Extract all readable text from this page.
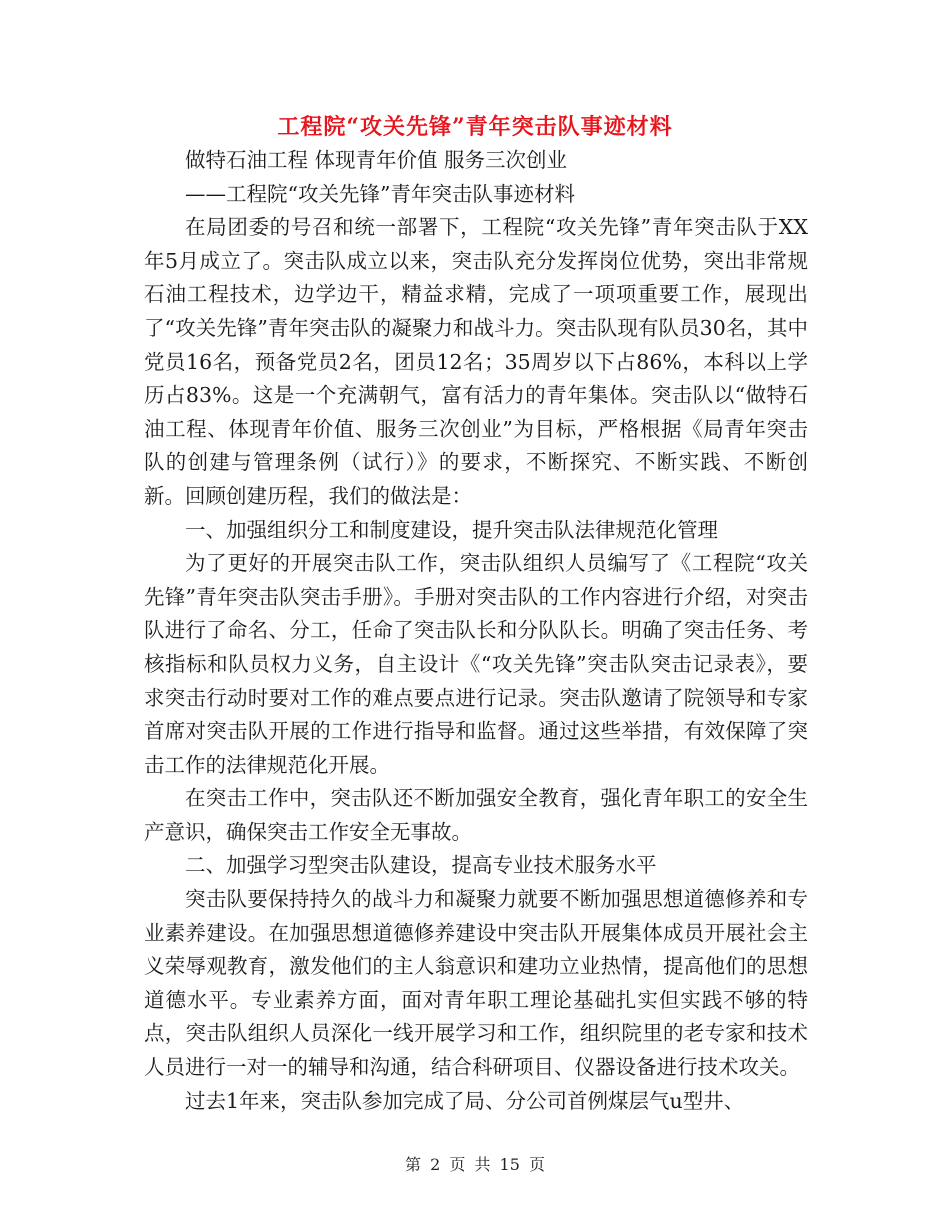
工程院“攻关先锋”青年突击队事迹材料

做特石油工程 体现青年价值 服务三次创业

——工程院“攻关先锋”青年突击队事迹材料

在局团委的号召和统一部署下，工程院“攻关先锋”青年突击队于XX年5月成立了。突击队成立以来，突击队充分发挥岗位优势，突出非常规石油工程技术，边学边干，精益求精，完成了一项项重要工作，展现出了“攻关先锋”青年突击队的凝聚力和战斗力。突击队现有队员30名，其中党员16名，预备党员2名，团员12名；35周岁以下占86%，本科以上学历占83%。这是一个充满朝气，富有活力的青年集体。突击队以“做特石油工程、体现青年价值、服务三次创业”为目标，严格根据《局青年突击队的创建与管理条例（试行）》的要求，不断探究、不断实践、不断创新。回顾创建历程，我们的做法是：

一、加强组织分工和制度建设，提升突击队法律规范化管理

为了更好的开展突击队工作，突击队组织人员编写了《工程院“攻关先锋”青年突击队突击手册》。手册对突击队的工作内容进行介绍，对突击队进行了命名、分工，任命了突击队长和分队队长。明确了突击任务、考核指标和队员权力义务，自主设计《“攻关先锋”突击队突击记录表》，要求突击行动时要对工作的难点要点进行记录。突击队邀请了院领导和专家首席对突击队开展的工作进行指导和监督。通过这些举措，有效保障了突击工作的法律规范化开展。

在突击工作中，突击队还不断加强安全教育，强化青年职工的安全生产意识，确保突击工作安全无事故。

二、加强学习型突击队建设，提高专业技术服务水平

突击队要保持持久的战斗力和凝聚力就要不断加强思想道德修养和专业素养建设。在加强思想道德修养建设中突击队开展集体成员开展社会主义荣辱观教育，激发他们的主人翁意识和建功立业热情，提高他们的思想道德水平。专业素养方面，面对青年职工理论基础扎实但实践不够的特点，突击队组织人员深化一线开展学习和工作，组织院里的老专家和技术人员进行一对一的辅导和沟通，结合科研项目、仪器设备进行技术攻关。

过去1年来，突击队参加完成了局、分公司首例煤层气u型井、

第 2 页 共 15 页
